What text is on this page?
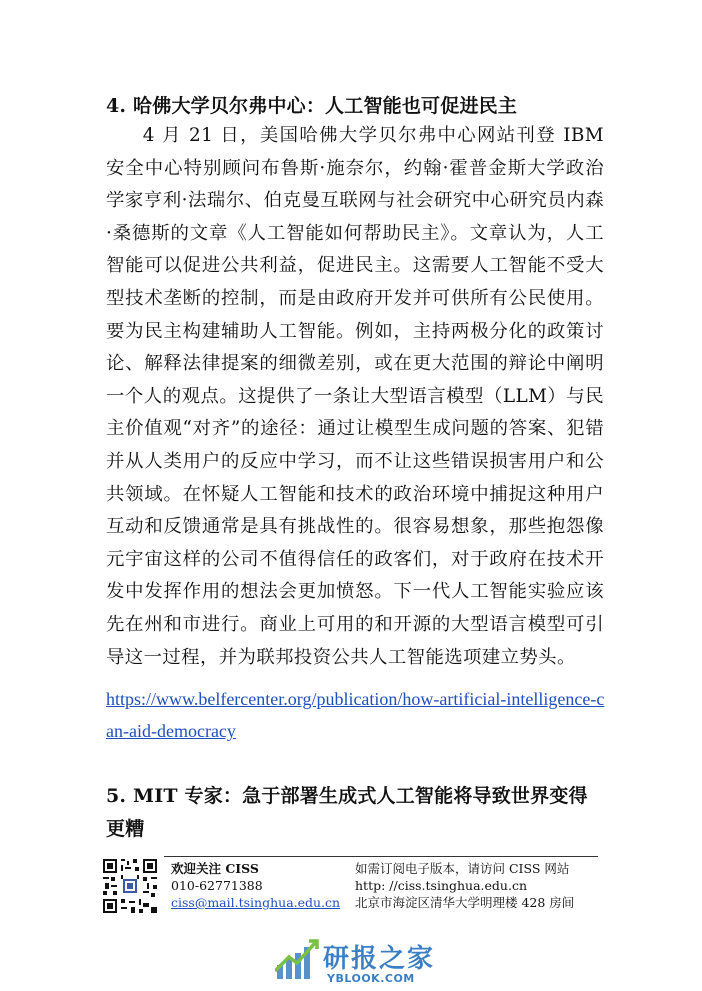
4. 哈佛大学贝尔弗中心：人工智能也可促进民主

4 月 21 日，美国哈佛大学贝尔弗中心网站刊登 IBM 安全中心特别顾问布鲁斯·施奈尔，约翰·霍普金斯大学政治学家亨利·法瑞尔、伯克曼互联网与社会研究中心研究员内森·桑德斯的文章《人工智能如何帮助民主》。文章认为，人工智能可以促进公共利益，促进民主。这需要人工智能不受大型技术垄断的控制，而是由政府开发并可供所有公民使用。要为民主构建辅助人工智能。例如，主持两极分化的政策讨论、解释法律提案的细微差别，或在更大范围的辩论中阐明一个人的观点。这提供了一条让大型语言模型（LLM）与民主价值观“对齐”的途径：通过让模型生成问题的答案、犯错并从人类用户的反应中学习，而不让这些错误损害用户和公共领域。在怀疑人工智能和技术的政治环境中捕捉这种用户互动和反馈通常是具有挑战性的。很容易想象，那些抱怨像元宇宙这样的公司不值得信任的政客们，对于政府在技术开发中发挥作用的想法会更加愤怒。下一代人工智能实验应该先在州和市进行。商业上可用的和开源的大型语言模型可引导这一过程，并为联邦投资公共人工智能选项建立势头。

https://www.belfercenter.org/publication/how-artificial-intelligence-can-aid-democracy
5. MIT 专家：急于部署生成式人工智能将导致世界变得更糟
欢迎关注 CISS
010-62771388
ciss@mail.tsinghua.edu.cn
如需订阅电子版本，请访问 CISS 网站
http: //ciss.tsinghua.edu.cn
北京市海淀区清华大学明理楼 428 房间
研报之家
YBLOOK.COM
